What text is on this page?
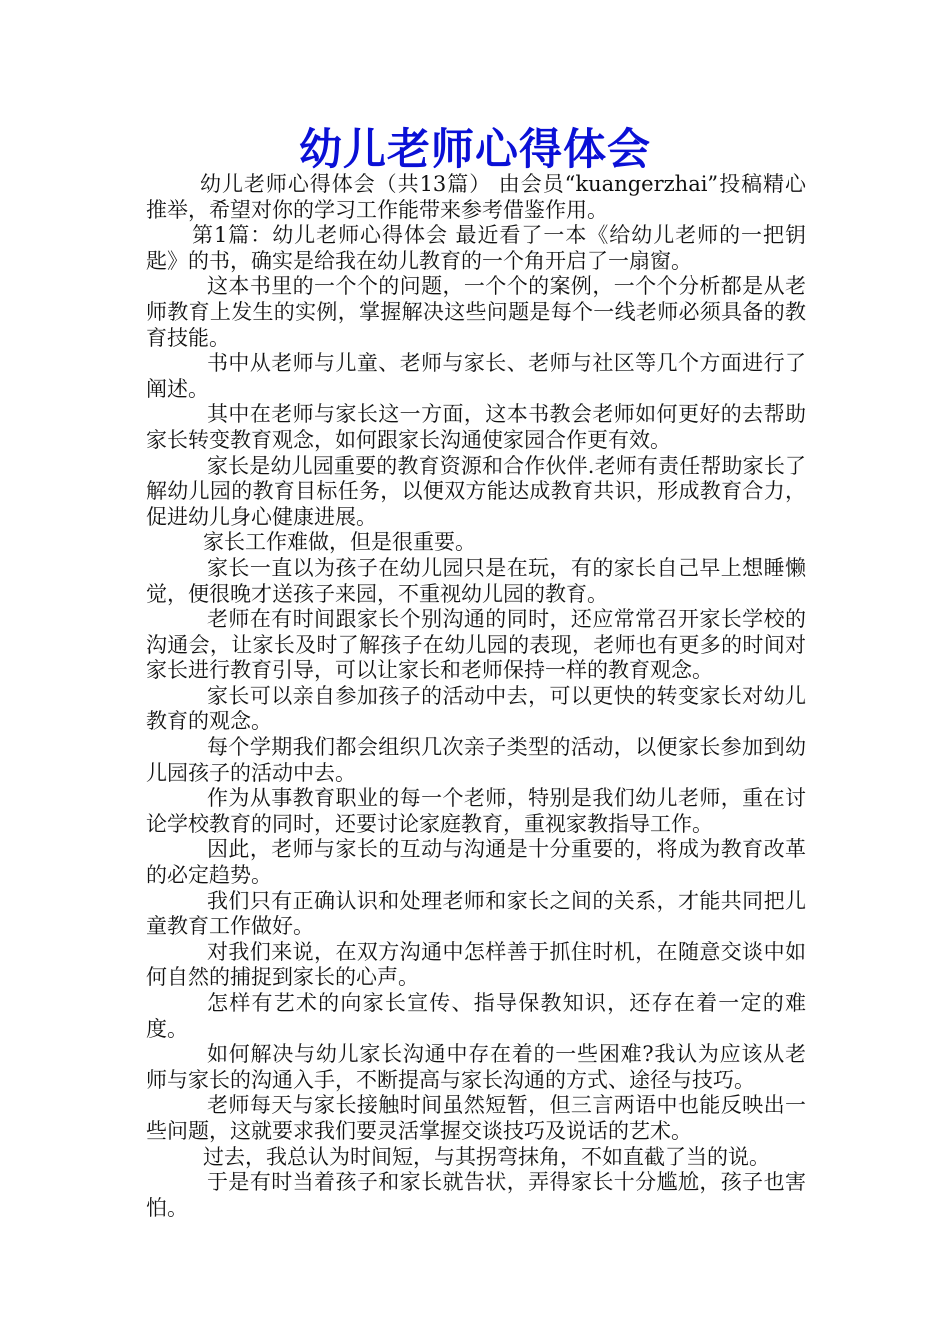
幼儿老师心得体会

幼儿老师心得体会（共13篇） 由会员“kuangerzhai”投稿精心推举，希望对你的学习工作能带来参考借鉴作用。

第1篇：幼儿老师心得体会 最近看了一本《给幼儿老师的一把钥匙》的书，确实是给我在幼儿教育的一个角开启了一扇窗。

这本书里的一个个的问题，一个个的案例，一个个分析都是从老师教育上发生的实例，掌握解决这些问题是每个一线老师必须具备的教育技能。

书中从老师与儿童、老师与家长、老师与社区等几个方面进行了阐述。

其中在老师与家长这一方面，这本书教会老师如何更好的去帮助家长转变教育观念，如何跟家长沟通使家园合作更有效。

家长是幼儿园重要的教育资源和合作伙伴.老师有责任帮助家长了解幼儿园的教育目标任务，以便双方能达成教育共识，形成教育合力，促进幼儿身心健康进展。

家长工作难做，但是很重要。

家长一直以为孩子在幼儿园只是在玩，有的家长自己早上想睡懒觉，便很晚才送孩子来园，不重视幼儿园的教育。

老师在有时间跟家长个别沟通的同时，还应常常召开家长学校的沟通会，让家长及时了解孩子在幼儿园的表现，老师也有更多的时间对家长进行教育引导，可以让家长和老师保持一样的教育观念。

家长可以亲自参加孩子的活动中去，可以更快的转变家长对幼儿教育的观念。

每个学期我们都会组织几次亲子类型的活动，以便家长参加到幼儿园孩子的活动中去。

作为从事教育职业的每一个老师，特别是我们幼儿老师，重在讨论学校教育的同时，还要讨论家庭教育，重视家教指导工作。

因此，老师与家长的互动与沟通是十分重要的，将成为教育改革的必定趋势。

我们只有正确认识和处理老师和家长之间的关系，才能共同把儿童教育工作做好。

对我们来说，在双方沟通中怎样善于抓住时机，在随意交谈中如何自然的捕捉到家长的心声。

怎样有艺术的向家长宣传、指导保教知识，还存在着一定的难度。

如何解决与幼儿家长沟通中存在着的一些困难?我认为应该从老师与家长的沟通入手，不断提高与家长沟通的方式、途径与技巧。

老师每天与家长接触时间虽然短暂，但三言两语中也能反映出一些问题，这就要求我们要灵活掌握交谈技巧及说话的艺术。

过去，我总认为时间短，与其拐弯抹角，不如直截了当的说。

于是有时当着孩子和家长就告状，弄得家长十分尴尬，孩子也害怕。
